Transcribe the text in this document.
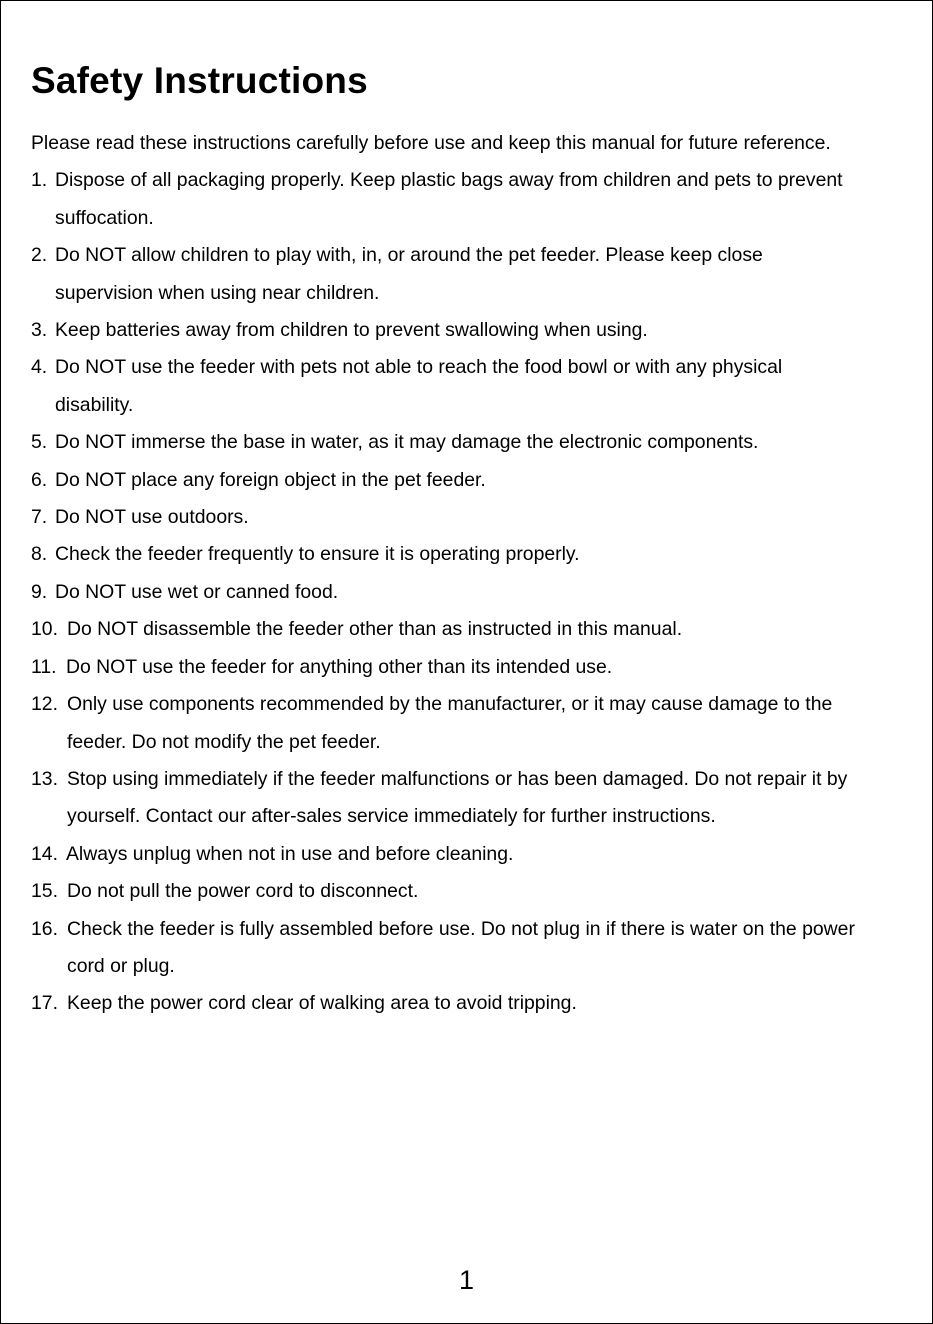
Safety Instructions

Please read these instructions carefully before use and keep this manual for future reference.

1. Dispose of all packaging properly. Keep plastic bags away from children and pets to prevent suffocation.
2. Do NOT allow children to play with, in, or around the pet feeder. Please keep close supervision when using near children.
3. Keep batteries away from children to prevent swallowing when using.
4. Do NOT use the feeder with pets not able to reach the food bowl or with any physical disability.
5. Do NOT immerse the base in water, as it may damage the electronic components.
6. Do NOT place any foreign object in the pet feeder.
7. Do NOT use outdoors.
8. Check the feeder frequently to ensure it is operating properly.
9. Do NOT use wet or canned food.
10. Do NOT disassemble the feeder other than as instructed in this manual.
11. Do NOT use the feeder for anything other than its intended use.
12. Only use components recommended by the manufacturer, or it may cause damage to the feeder. Do not modify the pet feeder.
13. Stop using immediately if the feeder malfunctions or has been damaged. Do not repair it by yourself. Contact our after-sales service immediately for further instructions.
14. Always unplug when not in use and before cleaning.
15. Do not pull the power cord to disconnect.
16. Check the feeder is fully assembled before use. Do not plug in if there is water on the power cord or plug.
17. Keep the power cord clear of walking area to avoid tripping.
1
